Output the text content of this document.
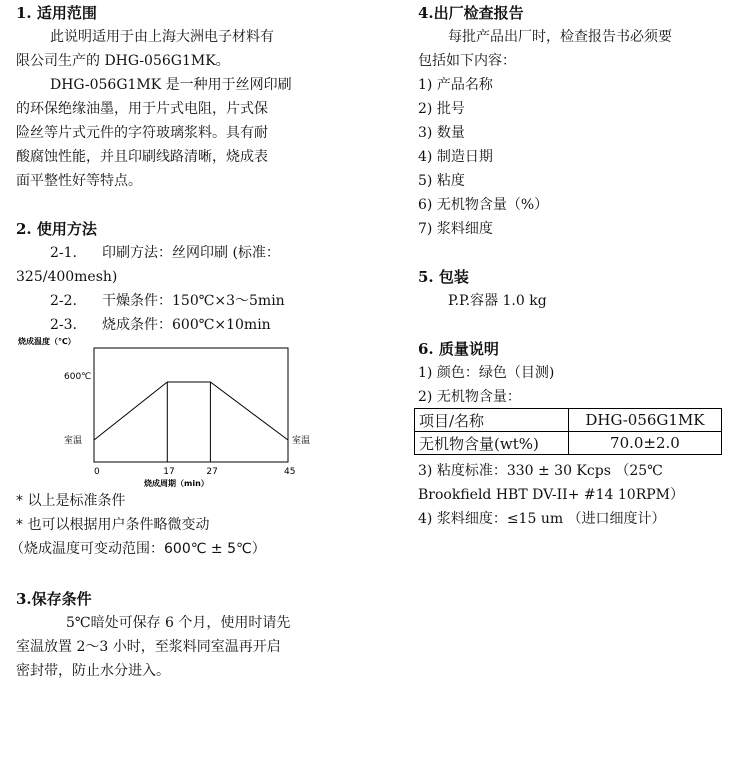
1. 适用范围
此说明适用于由上海大洲电子材料有
限公司生产的 DHG-056G1MK。
DHG-056G1MK 是一种用于丝网印刷
的环保绝缘油墨，用于片式电阻，片式保
险丝等片式元件的字符玻璃浆料。具有耐
酸腐蚀性能，并且印刷线路清晰，烧成表
面平整性好等特点。
2. 使用方法
2-1. 印刷方法：丝网印刷 (标准：
325/400mesh)
2-2. 干燥条件：150℃×3～5min
2-3. 烧成条件：600℃×10min
烧成温度（℃）
600℃
室温	室温
烧成周期（min）
0	17	27	45
* 以上是标准条件
* 也可以根据用户条件略微变动
（烧成温度可变动范围：600℃ ± 5℃）
3.保存条件
5℃暗处可保存 6 个月，使用时请先
室温放置 2～3 小时，至浆料同室温再开启
密封带，防止水分进入。
4.出厂检查报告
每批产品出厂时，检查报告书必须要
包括如下内容：
1) 产品名称
2) 批号
3) 数量
4) 制造日期
5) 粘度
6) 无机物含量（%）
7) 浆料细度
5. 包装
P.P.容器 1.0 kg
6. 质量说明
1) 颜色：绿色（目测)
2) 无机物含量：
项目/名称	DHG-056G1MK
无机物含量(wt%)	70.0±2.0
3) 粘度标准：330 ± 30 Kcps （25℃
Brookfield HBT DV-II+ #14 10RPM）
4) 浆料细度：≤15 um （进口细度计）
